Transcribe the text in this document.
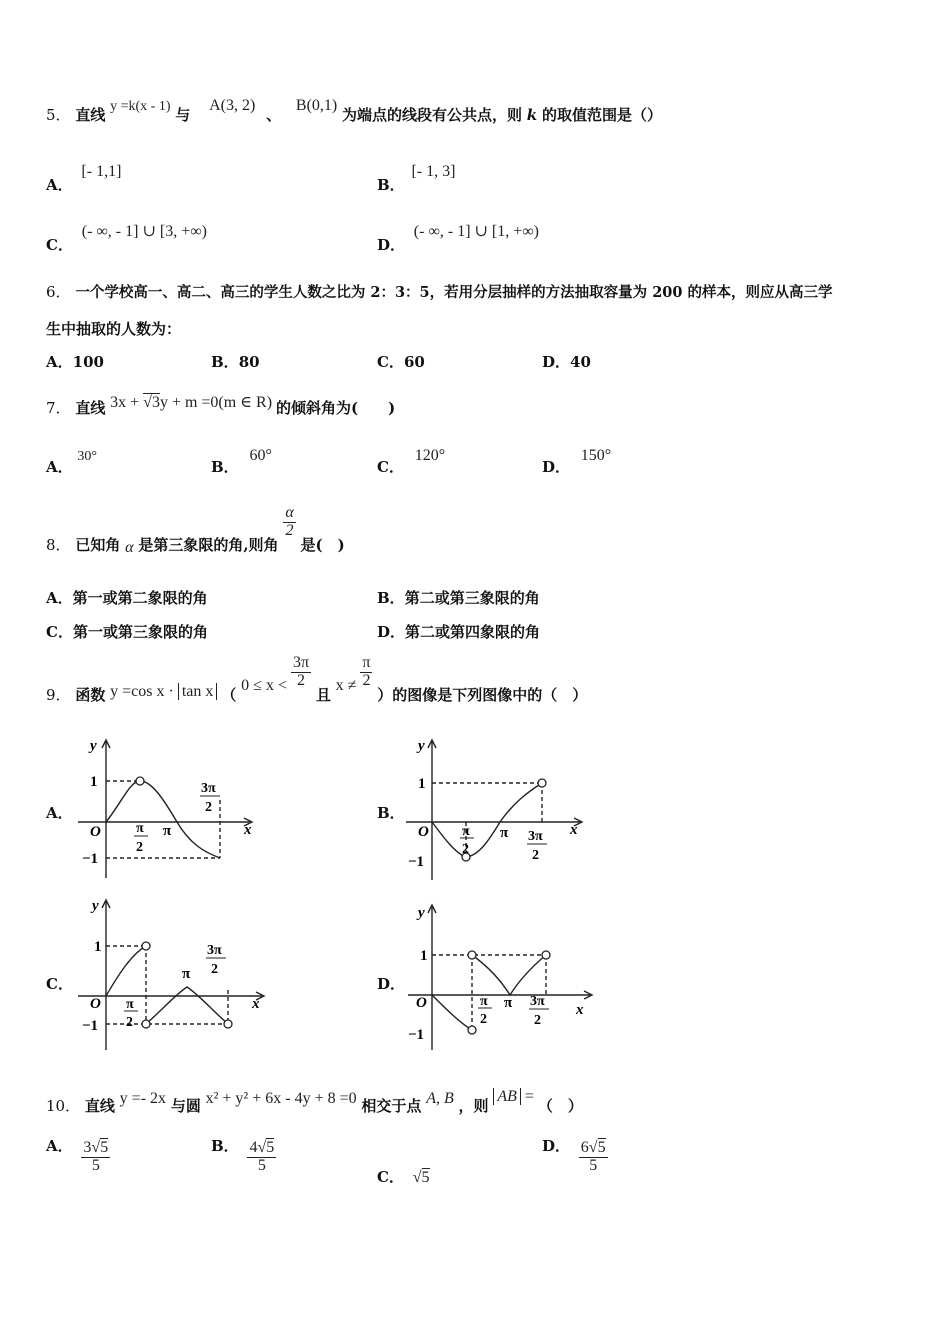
5． 直线 y =k(x - 1) 与 A(3, 2) 、 B(0,1) 为端点的线段有公共点，则 k 的取值范围是（）
A． [- 1,1]
B． [- 1, 3]
C． (- ∞, - 1] ∪ [3, +∞)
D． (- ∞, - 1] ∪ [1, +∞)
6． 一个学校高一、高二、高三的学生人数之比为 2：3：5，若用分层抽样的方法抽取容量为 200 的样本，则应从高三学
生中抽取的人数为：
A．100	B．80	C．60	D．40
7． 直线 3x + √3y + m =0(m ∈ R) 的倾斜角为(　　)
A． 30°
B． 60°
C． 120°
D． 150°
8． 已知角 α 是第三象限的角,则角
$\frac{\alpha}{2}$
是(　)
A．第一或第二象限的角	B．第二或第三象限的角
C．第一或第三象限的角	D．第二或第四象限的角
9． 函数 y =cos x · tan x （ $0 \le x < \frac{3\pi}{2}$
且 $x \ne \frac{\pi}{2}$
）的图像是下列图像中的（　）
A．	B．
C．	D．
y
x
O
1
−1
π
2
π
3π
2
y
x
O
1
−1
π
2
π 3π
2
y
x
O
1
−1
π
2
π
3π
2
y
x
O
1
−1
π
2
π 3π
2
10． 直线 y =- 2x 与圆 x² + y² + 6x - 4y + 8 =0 相交于点 A, B ，则 AB = （　）
A． $\frac{3√5}{5}$	B． $\frac{4√5}{5}$
C． √5
D． $\frac{6√5}{5}$
